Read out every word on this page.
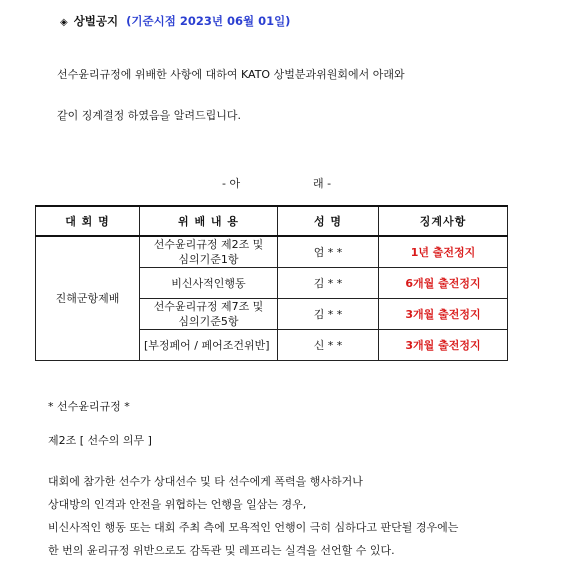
◈ 상벌공지 (기준시점 2023년 06월 01일)
선수윤리규정에 위배한 사항에 대하여 KATO 상벌분과위원회에서 아래와
같이 징계결정 하였음을 알려드립니다.
- 아	래 -
대 회 명	위 배 내 용	성 명	징계사항
진해군항제배	선수윤리규정 제2조 및
심의기준1항	엄 * *	1년 출전정지

	비신사적인행동	김 * *	6개월 출전정지

	선수윤리규정 제7조 및
심의기준5항	김 * *	3개월 출전정지

	[부정페어 / 페어조건위반]	신 * *	3개월 출전정지
* 선수윤리규정 *
제2조 [ 선수의 의무 ]
대회에 참가한 선수가 상대선수 및 타 선수에게 폭력을 행사하거나
상대방의 인격과 안전을 위협하는 언행을 일삼는 경우,
비신사적인 행동 또는 대회 주최 측에 모욕적인 언행이 극히 심하다고 판단될 경우에는
한 번의 윤리규정 위반으로도 감독관 및 레프리는 실격을 선언할 수 있다.
